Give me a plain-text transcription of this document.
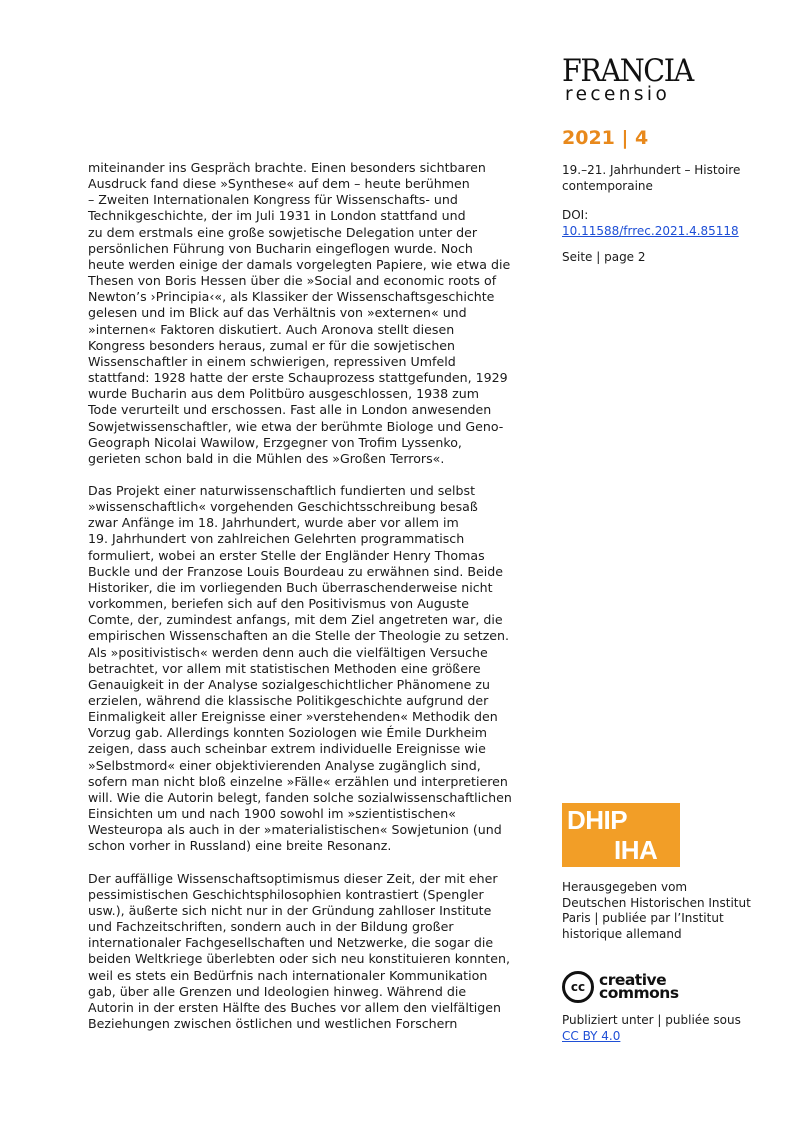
FRANCIA
recensio

miteinander ins Gespräch brachte. Einen besonders sichtbaren
Ausdruck fand diese »Synthese« auf dem – heute berühmen
– Zweiten Internationalen Kongress für Wissenschafts- und
Technikgeschichte, der im Juli 1931 in London stattfand und
zu dem erstmals eine große sowjetische Delegation unter der
persönlichen Führung von Bucharin eingeflogen wurde. Noch
heute werden einige der damals vorgelegten Papiere, wie etwa die
Thesen von Boris Hessen über die »Social and economic roots of
Newton’s ›Principia‹«, als Klassiker der Wissenschaftsgeschichte
gelesen und im Blick auf das Verhältnis von »externen« und
»internen« Faktoren diskutiert. Auch Aronova stellt diesen
Kongress besonders heraus, zumal er für die sowjetischen
Wissenschaftler in einem schwierigen, repressiven Umfeld
stattfand: 1928 hatte der erste Schauprozess stattgefunden, 1929
wurde Bucharin aus dem Politbüro ausgeschlossen, 1938 zum
Tode verurteilt und erschossen. Fast alle in London anwesenden
Sowjetwissenschaftler, wie etwa der berühmte Biologe und Geno-
Geograph Nicolai Wawilow, Erzgegner von Trofim Lyssenko,
gerieten schon bald in die Mühlen des »Großen Terrors«.

Das Projekt einer naturwissenschaftlich fundierten und selbst
»wissenschaftlich« vorgehenden Geschichtsschreibung besaß
zwar Anfänge im 18. Jahrhundert, wurde aber vor allem im
19. Jahrhundert von zahlreichen Gelehrten programmatisch
formuliert, wobei an erster Stelle der Engländer Henry Thomas
Buckle und der Franzose Louis Bourdeau zu erwähnen sind. Beide
Historiker, die im vorliegenden Buch überraschenderweise nicht
vorkommen, beriefen sich auf den Positivismus von Auguste
Comte, der, zumindest anfangs, mit dem Ziel angetreten war, die
empirischen Wissenschaften an die Stelle der Theologie zu setzen.
Als »positivistisch« werden denn auch die vielfältigen Versuche
betrachtet, vor allem mit statistischen Methoden eine größere
Genauigkeit in der Analyse sozialgeschichtlicher Phänomene zu
erzielen, während die klassische Politikgeschichte aufgrund der
Einmaligkeit aller Ereignisse einer »verstehenden« Methodik den
Vorzug gab. Allerdings konnten Soziologen wie Émile Durkheim
zeigen, dass auch scheinbar extrem individuelle Ereignisse wie
»Selbstmord« einer objektivierenden Analyse zugänglich sind,
sofern man nicht bloß einzelne »Fälle« erzählen und interpretieren
will. Wie die Autorin belegt, fanden solche sozialwissenschaftlichen
Einsichten um und nach 1900 sowohl im »szientistischen«
Westeuropa als auch in der »materialistischen« Sowjetunion (und
schon vorher in Russland) eine breite Resonanz.

Der auffällige Wissenschaftsoptimismus dieser Zeit, der mit eher
pessimistischen Geschichtsphilosophien kontrastiert (Spengler
usw.), äußerte sich nicht nur in der Gründung zahlloser Institute
und Fachzeitschriften, sondern auch in der Bildung großer
internationaler Fachgesellschaften und Netzwerke, die sogar die
beiden Weltkriege überlebten oder sich neu konstituieren konnten,
weil es stets ein Bedürfnis nach internationaler Kommunikation
gab, über alle Grenzen und Ideologien hinweg. Während die
Autorin in der ersten Hälfte des Buches vor allem den vielfältigen
Beziehungen zwischen östlichen und westlichen Forschern

2021 | 4
19.–21. Jahrhundert – Histoire contemporaine
DOI:
10.11588/frrec.2021.4.85118
Seite | page 2
DHIP
IHA
Herausgegeben vom Deutschen Historischen Institut Paris | publiée par l’Institut historique allemand
cc creative
commons
Publiziert unter | publiée sous
CC BY 4.0
